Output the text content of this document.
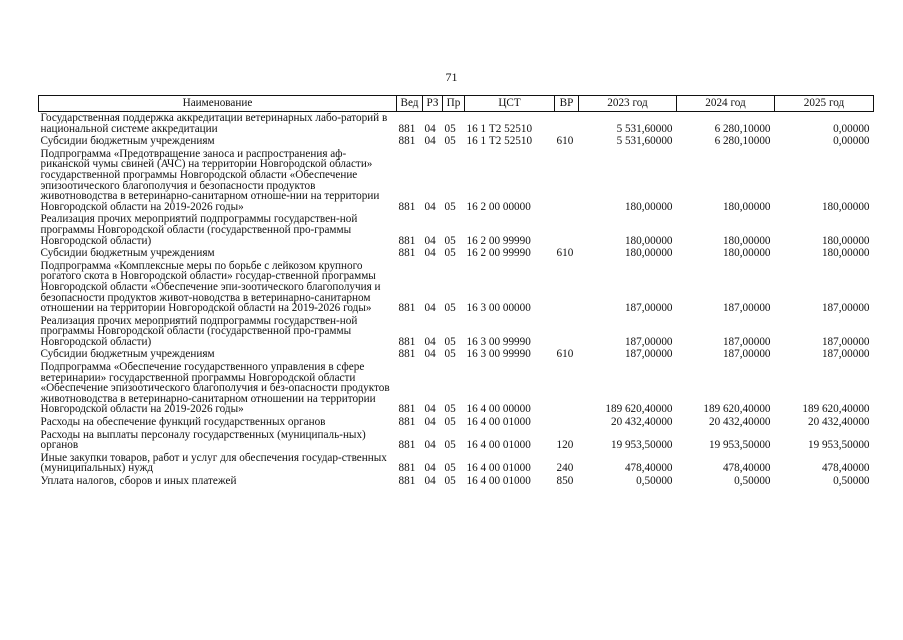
71
Наименование	Вед	РЗ	Пр	ЦСТ	ВР	2023 год	2024 год	2025 год
Государственная поддержка аккредитации ветеринарных лабо-раторий в национальной системе аккредитации	881	04	05	16 1 Т2 52510		5 531,60000	6 280,10000	0,00000
Субсидии бюджетным учреждениям	881	04	05	16 1 Т2 52510	610	5 531,60000	6 280,10000	0,00000
Подпрограмма «Предотвращение заноса и распространения аф-риканской чумы свиней (АЧС) на территории Новгородской области» государственной программы Новгородской области «Обеспечение эпизоотического благополучия и безопасности продуктов животноводства в ветеринарно-санитарном отноше-нии на территории Новгородской области на 2019-2026 годы»	881	04	05	16 2 00 00000		180,00000	180,00000	180,00000
Реализация прочих мероприятий подпрограммы государствен-ной программы Новгородской области (государственной про-граммы Новгородской области)	881	04	05	16 2 00 99990		180,00000	180,00000	180,00000
Субсидии бюджетным учреждениям	881	04	05	16 2 00 99990	610	180,00000	180,00000	180,00000
Подпрограмма «Комплексные меры по борьбе с лейкозом крупного рогатого скота в Новгородской области» государ-ственной программы Новгородской области «Обеспечение эпи-зоотического благополучия и безопасности продуктов живот-новодства в ветеринарно-санитарном отношении на территории Новгородской области на 2019-2026 годы»	881	04	05	16 3 00 00000		187,00000	187,00000	187,00000
Реализация прочих мероприятий подпрограммы государствен-ной программы Новгородской области (государственной про-граммы Новгородской области)	881	04	05	16 3 00 99990		187,00000	187,00000	187,00000
Субсидии бюджетным учреждениям	881	04	05	16 3 00 99990	610	187,00000	187,00000	187,00000
Подпрограмма «Обеспечение государственного управления в сфере ветеринарии» государственной программы Новгородской области «Обеспечение эпизоотического благополучия и без-опасности продуктов животноводства в ветеринарно-санитарном отношении на территории Новгородской области на 2019-2026 годы»	881	04	05	16 4 00 00000		189 620,40000	189 620,40000	189 620,40000
Расходы на обеспечение функций государственных органов	881	04	05	16 4 00 01000		20 432,40000	20 432,40000	20 432,40000
Расходы на выплаты персоналу государственных (муниципаль-ных) органов	881	04	05	16 4 00 01000	120	19 953,50000	19 953,50000	19 953,50000
Иные закупки товаров, работ и услуг для обеспечения государ-ственных (муниципальных) нужд	881	04	05	16 4 00 01000	240	478,40000	478,40000	478,40000
Уплата налогов, сборов и иных платежей	881	04	05	16 4 00 01000	850	0,50000	0,50000	0,50000
